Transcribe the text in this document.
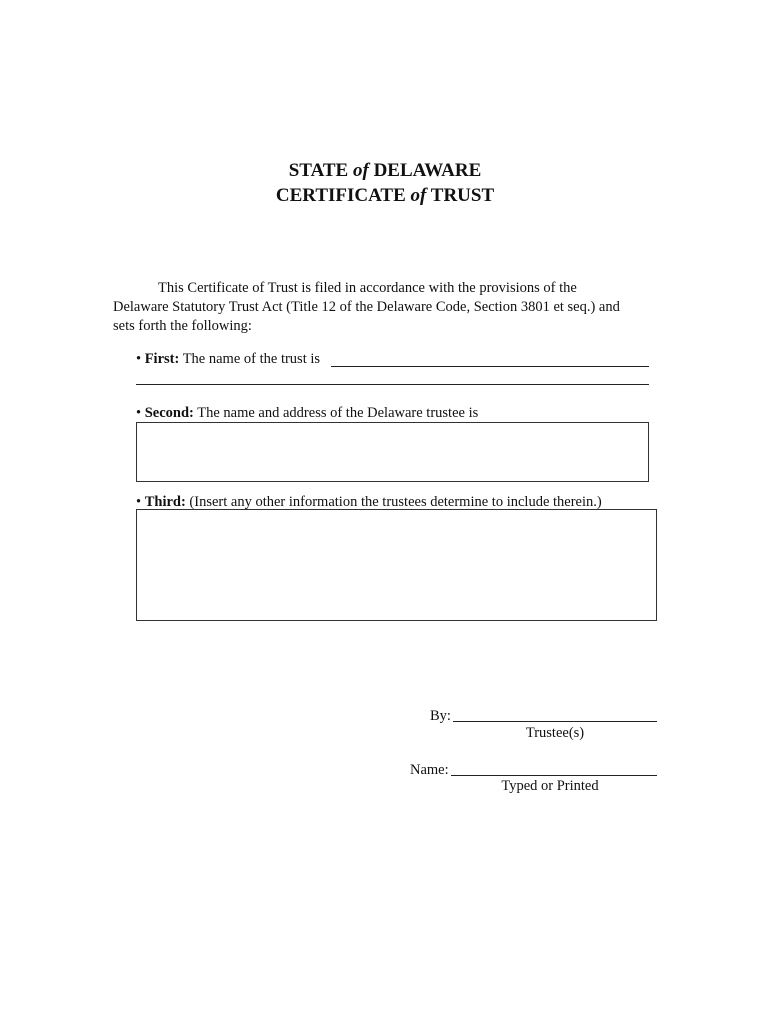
STATE of DELAWARE
CERTIFICATE of TRUST
This Certificate of Trust is filed in accordance with the provisions of the
Delaware Statutory Trust Act (Title 12 of the Delaware Code, Section 3801 et seq.) and
sets forth the following:
• First: The name of the trust is
• Second: The name and address of the Delaware trustee is
• Third: (Insert any other information the trustees determine to include therein.)
By:
Trustee(s)
Name:
Typed or Printed
